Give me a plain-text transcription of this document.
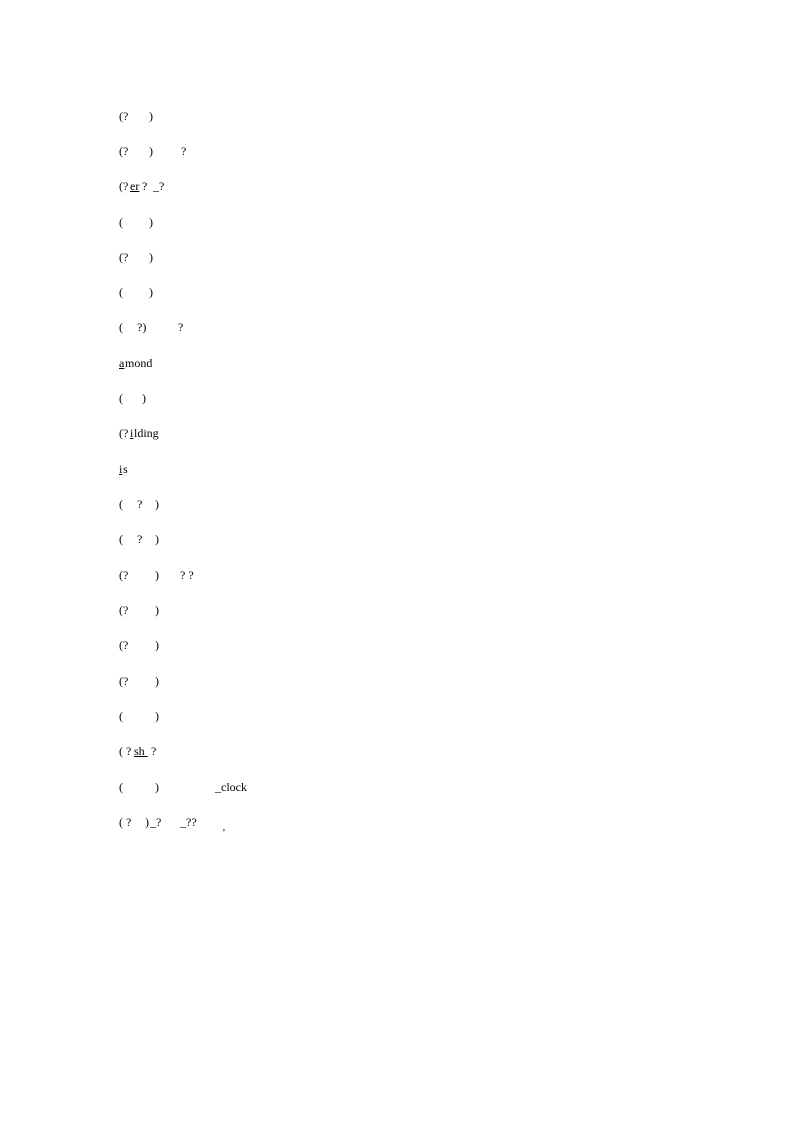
(?

)

(?

)

?

(?

er

?

_?

(

)

(?

)

(

)

(

?)

	?

a

mond

(

)

(?

i

lding

i

s

(

?

)

(

?

)

(?

)

? ?

(?

)

(?

)

(?

)

(

	)

( ?

sh

?

(

	)

’

_clock

( ?

)

_?

_??
